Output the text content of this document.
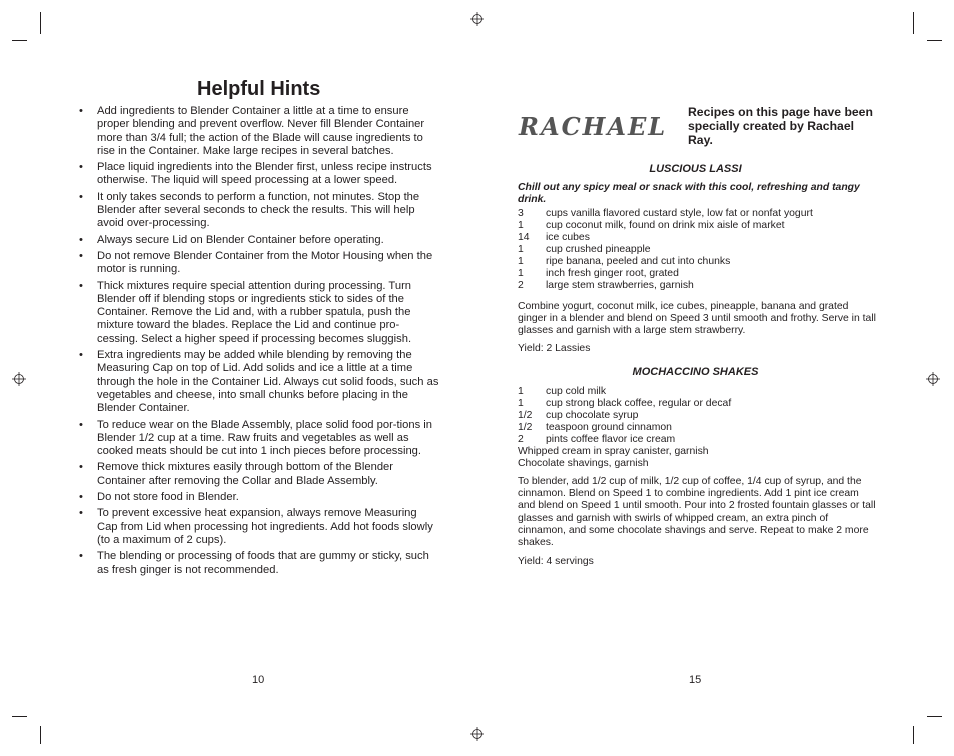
Helpful Hints
• Add ingredients to Blender Container a little at a time to ensure proper blending and prevent overflow. Never fill Blender Container more than 3/4 full; the action of the Blade will cause ingredients to rise in the Container. Make large recipes in several batches.
• Place liquid ingredients into the Blender first, unless recipe instructs otherwise. The liquid will speed processing at a lower speed.
• It only takes seconds to perform a function, not minutes. Stop the Blender after several seconds to check the results. This will help avoid over-processing.
• Always secure Lid on Blender Container before operating.
• Do not remove Blender Container from the Motor Housing when the motor is running.
• Thick mixtures require special attention during processing. Turn Blender off if blending stops or ingredients stick to sides of the Container. Remove the Lid and, with a rubber spatula, push the mixture toward the blades. Replace the Lid and continue pro-cessing. Select a higher speed if processing becomes sluggish.
• Extra ingredients may be added while blending by removing the Measuring Cap on top of Lid. Add solids and ice a little at a time through the hole in the Container Lid. Always cut solid foods, such as vegetables and cheese, into small chunks before placing in the Blender Container.
• To reduce wear on the Blade Assembly, place solid food por-tions in Blender 1/2 cup at a time. Raw fruits and vegetables as well as cooked meats should be cut into 1 inch pieces before processing.
• Remove thick mixtures easily through bottom of the Blender Container after removing the Collar and Blade Assembly.
• Do not store food in Blender.
• To prevent excessive heat expansion, always remove Measuring Cap from Lid when processing hot ingredients. Add hot foods slowly (to a maximum of 2 cups).
• The blending or processing of foods that are gummy or sticky, such as fresh ginger is not recommended.

10

RACHAEL Recipes on this page have been specially created by Rachael Ray.

LUSCIOUS LASSI

Chill out any spicy meal or snack with this cool, refreshing and tangy drink.

3	cups vanilla flavored custard style, low fat or nonfat yogurt
1	cup coconut milk, found on drink mix aisle of market
14	ice cubes
1	cup crushed pineapple
1	ripe banana, peeled and cut into chunks
1	inch fresh ginger root, grated
2	large stem strawberries, garnish

Combine yogurt, coconut milk, ice cubes, pineapple, banana and grated ginger in a blender and blend on Speed 3 until smooth and frothy. Serve in tall glasses and garnish with a large stem strawberry.

Yield: 2 Lassies

MOCHACCINO SHAKES

1	cup cold milk
1	cup strong black coffee, regular or decaf
1/2	cup chocolate syrup
1/2	teaspoon ground cinnamon
2	pints coffee flavor ice cream
Whipped cream in spray canister, garnish
Chocolate shavings, garnish

To blender, add 1/2 cup of milk, 1/2 cup of coffee, 1/4 cup of syrup, and the cinnamon. Blend on Speed 1 to combine ingredients. Add 1 pint ice cream and blend on Speed 1 until smooth. Pour into 2 frosted fountain glasses or tall glasses and garnish with swirls of whipped cream, an extra pinch of cinnamon, and some chocolate shavings and serve. Repeat to make 2 more shakes.

Yield: 4 servings

15
